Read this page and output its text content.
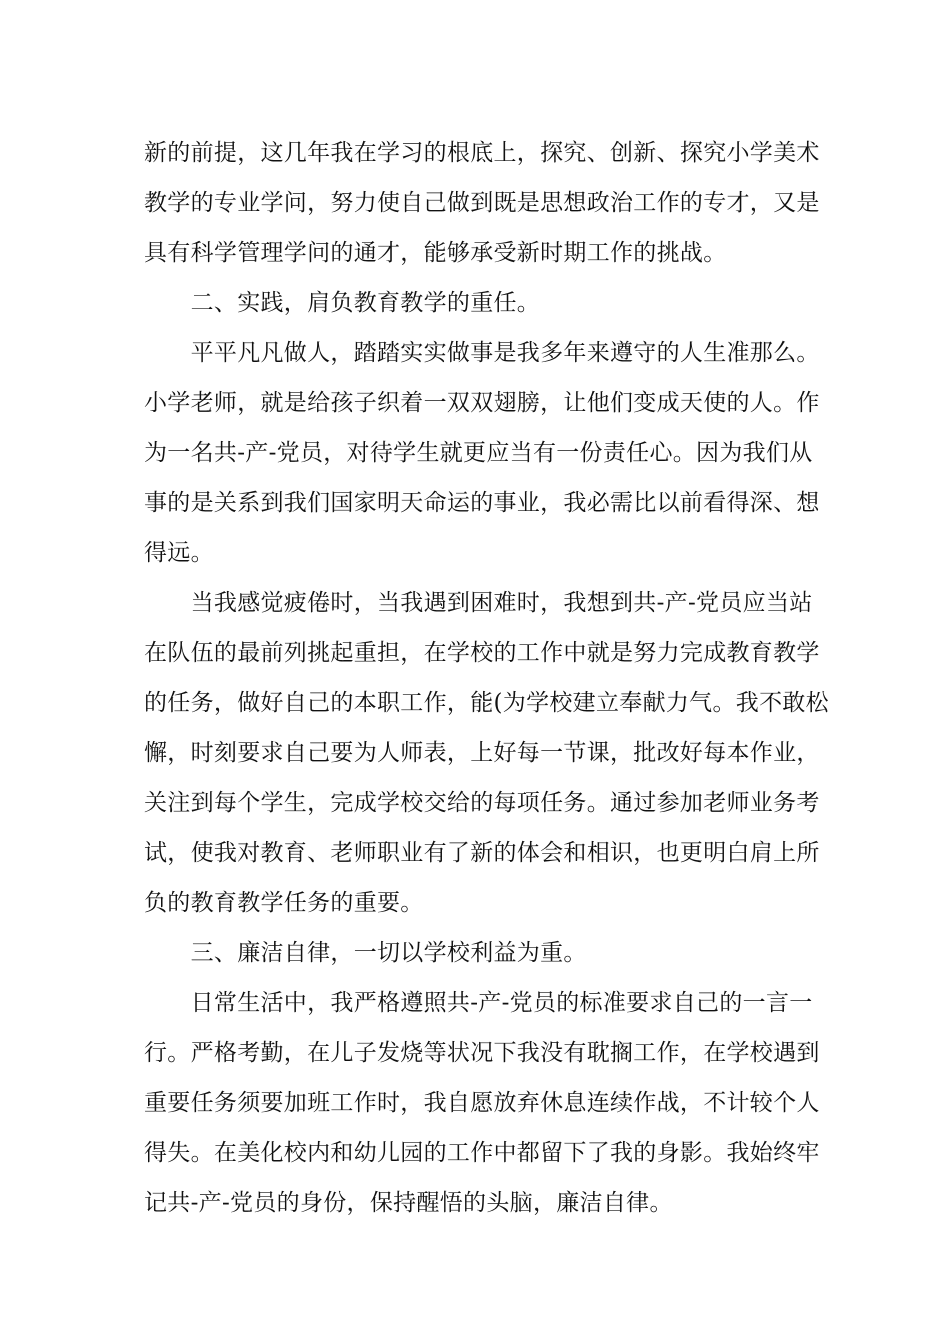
新的前提，这几年我在学习的根底上，探究、创新、探究小学美术
教学的专业学问，努力使自己做到既是思想政治工作的专才，又是
具有科学管理学问的通才，能够承受新时期工作的挑战。
　　二、实践，肩负教育教学的重任。
　　平平凡凡做人，踏踏实实做事是我多年来遵守的人生准那么。
小学老师，就是给孩子织着一双双翅膀，让他们变成天使的人。作
为一名共-产-党员，对待学生就更应当有一份责任心。因为我们从
事的是关系到我们国家明天命运的事业，我必需比以前看得深、想
得远。
　　当我感觉疲倦时，当我遇到困难时，我想到共-产-党员应当站
在队伍的最前列挑起重担，在学校的工作中就是努力完成教育教学
的任务，做好自己的本职工作，能(为学校建立奉献力气。我不敢松
懈，时刻要求自己要为人师表，上好每一节课，批改好每本作业，
关注到每个学生，完成学校交给的每项任务。通过参加老师业务考
试，使我对教育、老师职业有了新的体会和相识，也更明白肩上所
负的教育教学任务的重要。
　　三、廉洁自律，一切以学校利益为重。
　　日常生活中，我严格遵照共-产-党员的标准要求自己的一言一
行。严格考勤，在儿子发烧等状况下我没有耽搁工作，在学校遇到
重要任务须要加班工作时，我自愿放弃休息连续作战，不计较个人
得失。在美化校内和幼儿园的工作中都留下了我的身影。我始终牢
记共-产-党员的身份，保持醒悟的头脑，廉洁自律。
